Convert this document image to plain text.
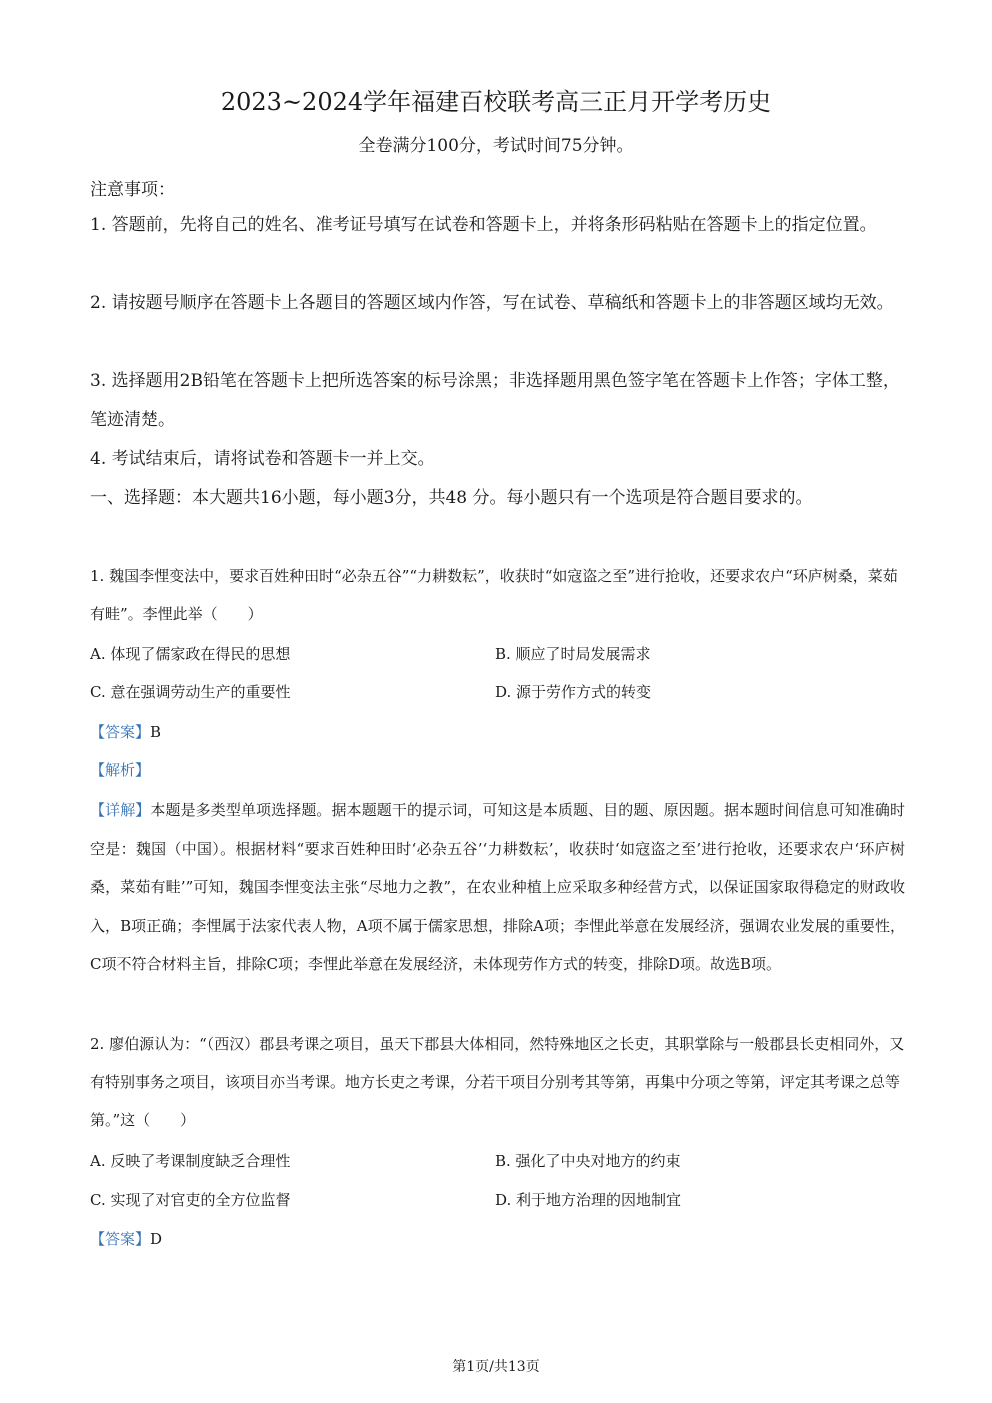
2023~2024学年福建百校联考高三正月开学考历史
全卷满分100分，考试时间75分钟。
注意事项：
1. 答题前，先将自己的姓名、准考证号填写在试卷和答题卡上，并将条形码粘贴在答题卡上的指定位置。
2. 请按题号顺序在答题卡上各题目的答题区域内作答，写在试卷、草稿纸和答题卡上的非答题区域均无效。
3. 选择题用2B铅笔在答题卡上把所选答案的标号涂黑；非选择题用黑色签字笔在答题卡上作答；字体工整，笔迹清楚。
4. 考试结束后，请将试卷和答题卡一并上交。
一、选择题：本大题共16小题，每小题3分，共48 分。每小题只有一个选项是符合题目要求的。
1. 魏国李悝变法中，要求百姓种田时“必杂五谷”“力耕数耘”，收获时“如寇盗之至”进行抢收，还要求农户“环庐树桑，菜茹有畦”。李悝此举（　　）
A. 体现了儒家政在得民的思想	B. 顺应了时局发展需求
C. 意在强调劳动生产的重要性	D. 源于劳作方式的转变
【答案】B
【解析】
【详解】本题是多类型单项选择题。据本题题干的提示词，可知这是本质题、目的题、原因题。据本题时间信息可知准确时空是：魏国（中国）。根据材料“要求百姓种田时‘必杂五谷’‘力耕数耘’，收获时‘如寇盗之至’进行抢收，还要求农户‘环庐树桑，菜茹有畦’”可知，魏国李悝变法主张“尽地力之教”，在农业种植上应采取多种经营方式，以保证国家取得稳定的财政收入，B项正确；李悝属于法家代表人物，A项不属于儒家思想，排除A项；李悝此举意在发展经济，强调农业发展的重要性，C项不符合材料主旨，排除C项；李悝此举意在发展经济，未体现劳作方式的转变，排除D项。故选B项。
2. 廖伯源认为：“（西汉）郡县考课之项目，虽天下郡县大体相同，然特殊地区之长吏，其职掌除与一般郡县长吏相同外，又有特别事务之项目，该项目亦当考课。地方长吏之考课，分若干项目分别考其等第，再集中分项之等第，评定其考课之总等第。”这（　　）
A. 反映了考课制度缺乏合理性	B. 强化了中央对地方的约束
C. 实现了对官吏的全方位监督	D. 利于地方治理的因地制宜
【答案】D
第1页/共13页
